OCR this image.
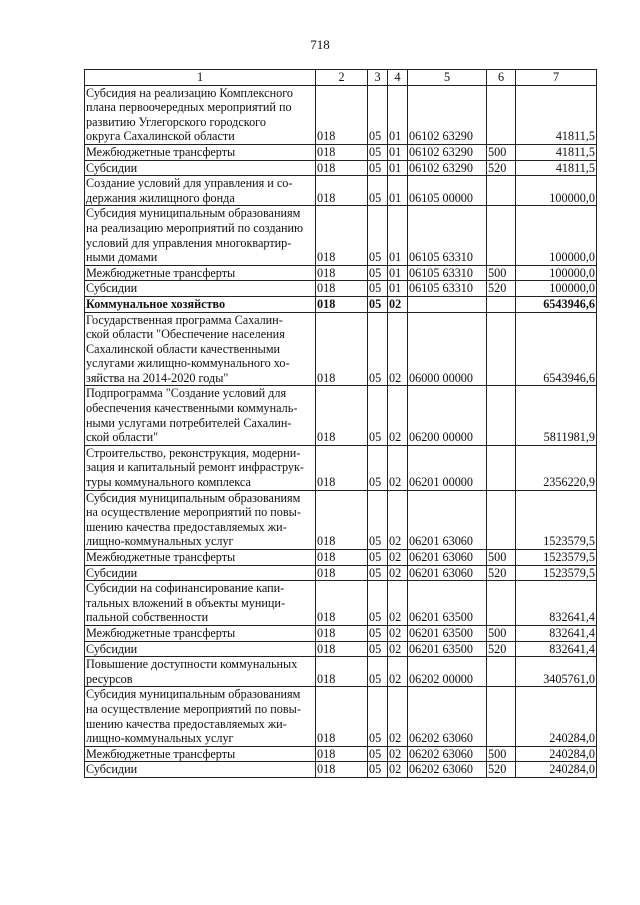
718
1	2	3	4	5	6	7
Субсидия на реализацию Комплексного
плана первоочередных мероприятий по
развитию Углегорского городского
округа Сахалинской области	018	05	01	06102 63290		41811,5
Межбюджетные трансферты	018	05	01	06102 63290	500	41811,5
Субсидии	018	05	01	06102 63290	520	41811,5
Создание условий для управления и со-
держания жилищного фонда	018	05	01	06105 00000		100000,0
Субсидия муниципальным образованиям
на реализацию мероприятий по созданию
условий для управления многоквартир-
ными домами	018	05	01	06105 63310		100000,0
Межбюджетные трансферты	018	05	01	06105 63310	500	100000,0
Субсидии	018	05	01	06105 63310	520	100000,0
Коммунальное хозяйство	018	05	02			6543946,6
Государственная программа Сахалин-
ской области "Обеспечение населения
Сахалинской области качественными
услугами жилищно-коммунального хо-
зяйства на 2014-2020 годы"	018	05	02	06000 00000		6543946,6
Подпрограмма "Создание условий для
обеспечения качественными коммуналь-
ными услугами потребителей Сахалин-
ской области"	018	05	02	06200 00000		5811981,9
Строительство, реконструкция, модерни-
зация и капитальный ремонт инфраструк-
туры коммунального комплекса	018	05	02	06201 00000		2356220,9
Субсидия муниципальным образованиям
на осуществление мероприятий по повы-
шению качества предоставляемых жи-
лищно-коммунальных услуг	018	05	02	06201 63060		1523579,5
Межбюджетные трансферты	018	05	02	06201 63060	500	1523579,5
Субсидии	018	05	02	06201 63060	520	1523579,5
Субсидии на софинансирование капи-
тальных вложений в объекты муници-
пальной собственности	018	05	02	06201 63500		832641,4
Межбюджетные трансферты	018	05	02	06201 63500	500	832641,4
Субсидии	018	05	02	06201 63500	520	832641,4
Повышение доступности коммунальных
ресурсов	018	05	02	06202 00000		3405761,0
Субсидия муниципальным образованиям
на осуществление мероприятий по повы-
шению качества предоставляемых жи-
лищно-коммунальных услуг	018	05	02	06202 63060		240284,0
Межбюджетные трансферты	018	05	02	06202 63060	500	240284,0
Субсидии	018	05	02	06202 63060	520	240284,0
